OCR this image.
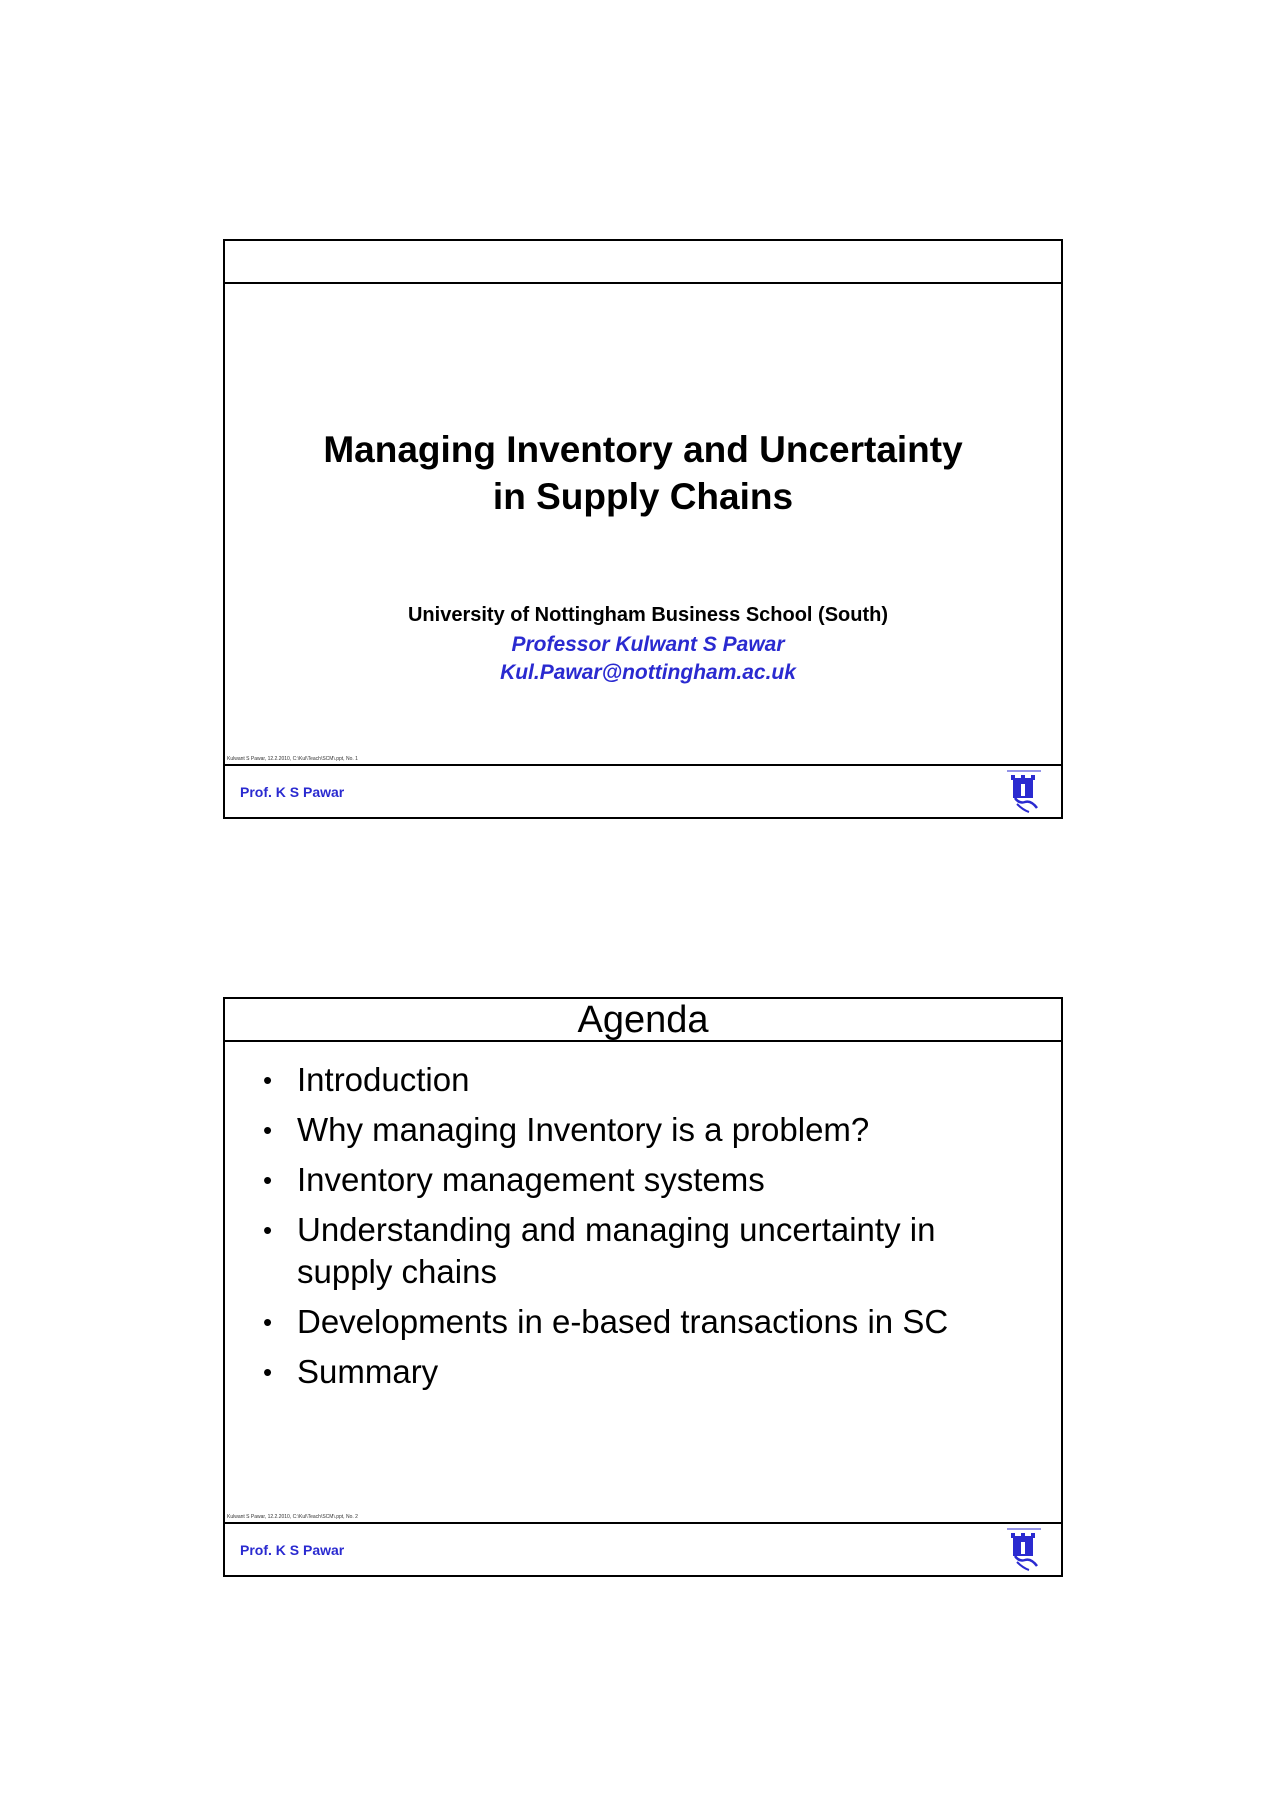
Managing Inventory and Uncertainty
in Supply Chains
University of Nottingham Business School (South)
Professor Kulwant S Pawar
Kul.Pawar@nottingham.ac.uk
Kulwant S Pawar, 12.2.2010, C:\Kul\Teach\SCM\.ppt, No. 1
Prof. K S Pawar
Agenda
• Introduction
• Why managing Inventory is a problem?
• Inventory management systems
• Understanding and managing uncertainty in supply chains
• Developments in e-based transactions in SC
• Summary
Kulwant S Pawar, 12.2.2010, C:\Kul\Teach\SCM\.ppt, No. 2
Prof. K S Pawar
